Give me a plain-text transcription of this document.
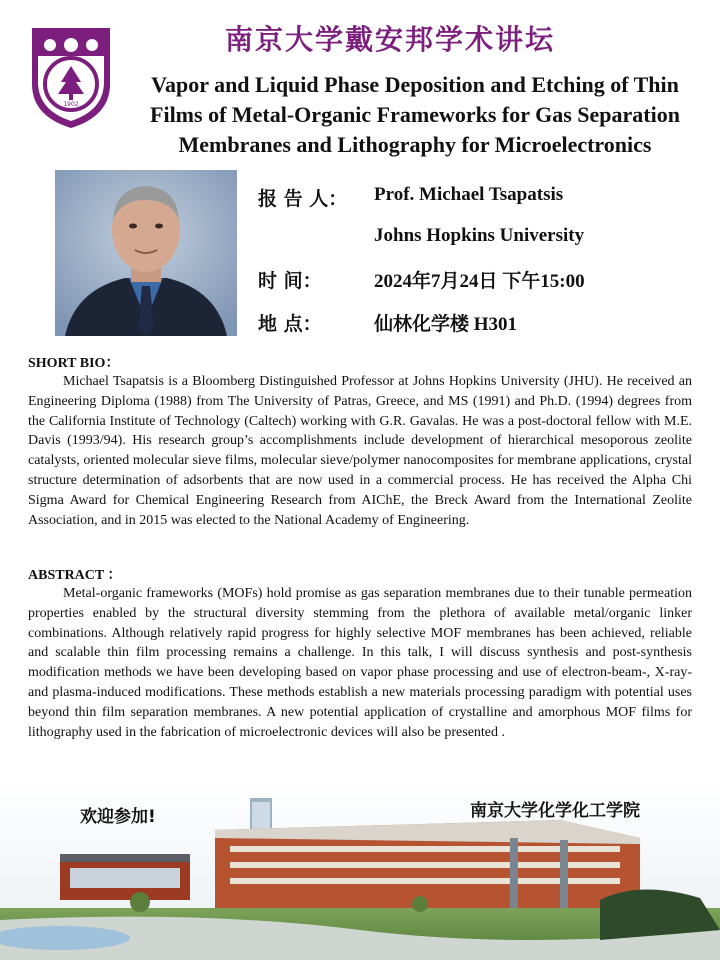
1902
南京大学戴安邦学术讲坛
Vapor and Liquid Phase Deposition and Etching of Thin
Films of Metal-Organic Frameworks for Gas Separation
Membranes and Lithography for Microelectronics
报 告 人：	Prof. Michael Tsapatsis
Johns Hopkins University
时 间：	2024年7月24日 下午15:00
地 点：	仙林化学楼 H301
SHORT BIO：

Michael Tsapatsis is a Bloomberg Distinguished Professor at Johns Hopkins University (JHU). He received an Engineering Diploma (1988) from The University of Patras, Greece, and MS (1991) and Ph.D. (1994) degrees from the California Institute of Technology (Caltech) working with G.R. Gavalas. He was a post-doctoral fellow with M.E. Davis (1993/94). His research group’s accomplishments include development of hierarchical mesoporous zeolite catalysts, oriented molecular sieve films, molecular sieve/polymer nanocomposites for membrane applications, crystal structure determination of adsorbents that are now used in a commercial process. He has received the Alpha Chi Sigma Award for Chemical Engineering Research from AIChE, the Breck Award from the International Zeolite Association, and in 2015 was elected to the National Academy of Engineering.

ABSTRACT ：

Metal-organic frameworks (MOFs) hold promise as gas separation membranes due to their tunable permeation properties enabled by the structural diversity stemming from the plethora of available metal/organic linker combinations. Although relatively rapid progress for highly selective MOF membranes has been achieved, reliable and scalable thin film processing remains a challenge. In this talk, I will discuss synthesis and post-synthesis modification methods we have been developing based on vapor phase processing and use of electron-beam-, X-ray- and plasma-induced modifications. These methods establish a new materials processing paradigm with potential uses beyond thin film separation membranes. A new potential application of crystalline and amorphous MOF films for lithography used in the fabrication of microelectronic devices will also be presented .

欢迎参加!	南京大学化学化工学院
